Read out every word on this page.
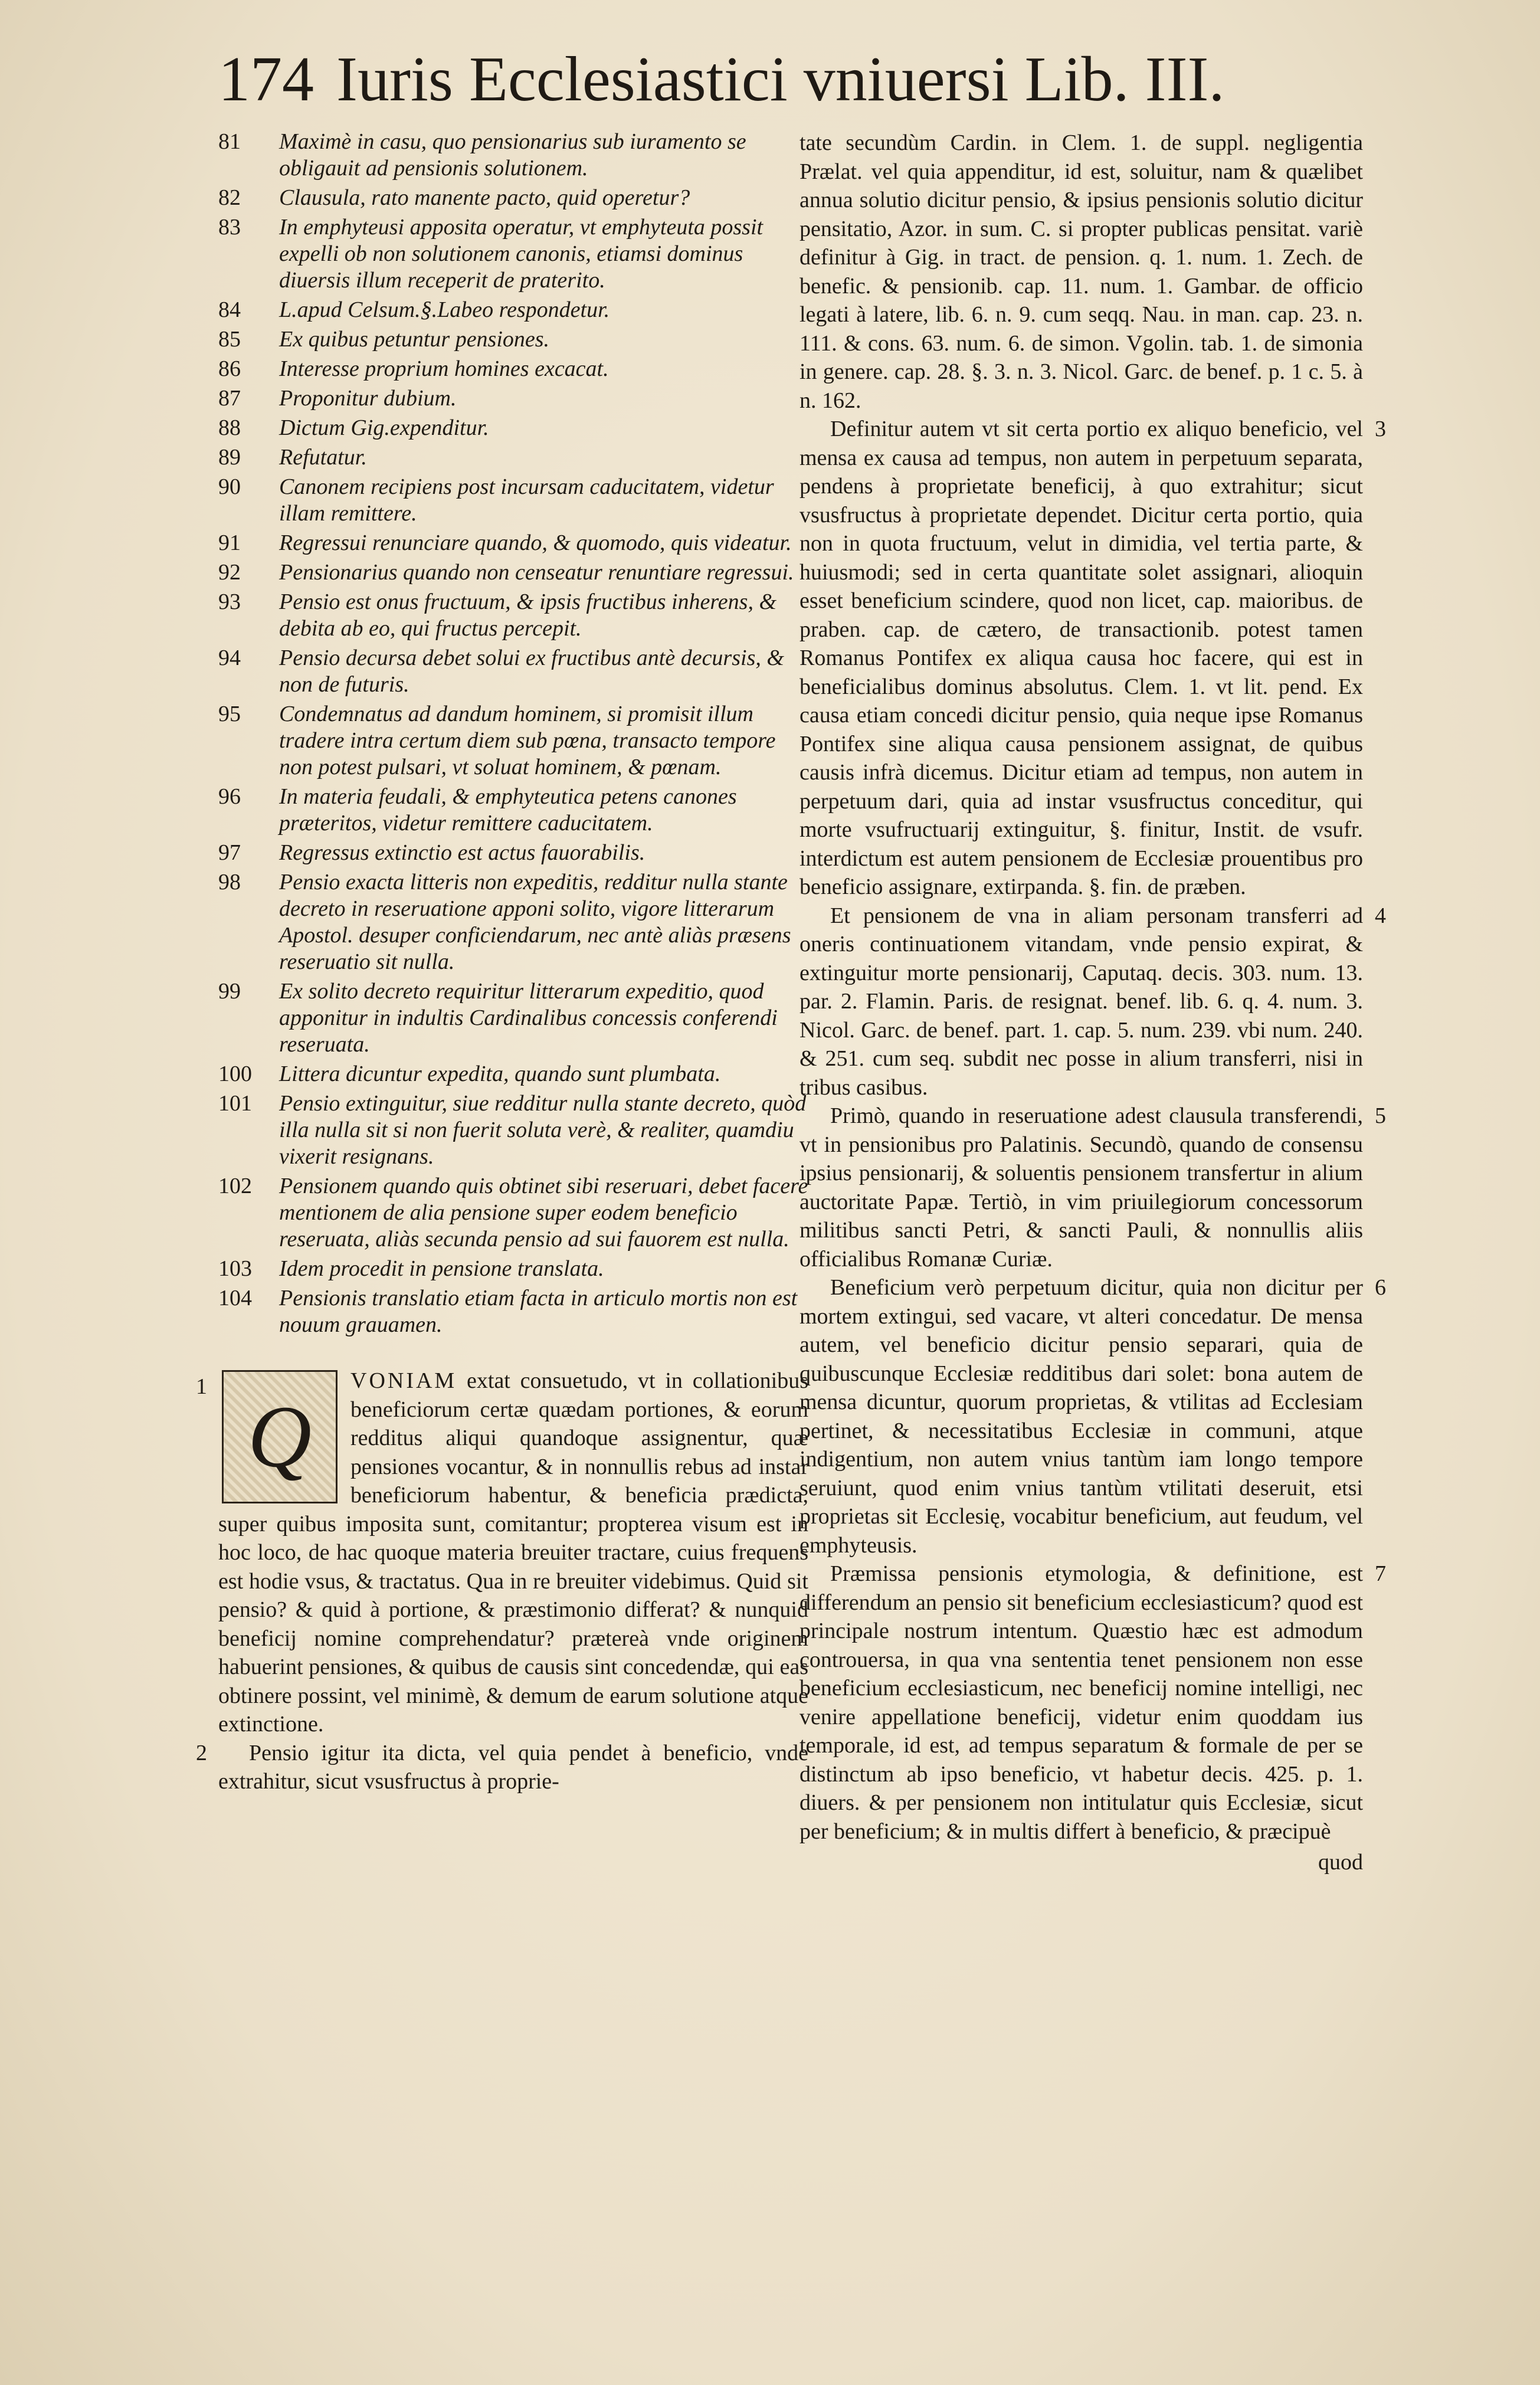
174 Iuris Ecclesiastici vniuersi Lib. III.
81	Maximè in casu, quo pensionarius sub iuramento se obligauit ad pensionis solutionem.
82	Clausula, rato manente pacto, quid operetur?
83	In emphyteusi apposita operatur, vt emphyteuta possit expelli ob non solutionem canonis, etiamsi dominus diuersis illum receperit de praterito.
84	L.apud Celsum.§.Labeo respondetur.
85	Ex quibus petuntur pensiones.
86	Interesse proprium homines excacat.
87	Proponitur dubium.
88	Dictum Gig.expenditur.
89	Refutatur.
90	Canonem recipiens post incursam caducitatem, videtur illam remittere.
91	Regressui renunciare quando, & quomodo, quis videatur.
92	Pensionarius quando non censeatur renuntiare regressui.
93	Pensio est onus fructuum, & ipsis fructibus inherens, & debita ab eo, qui fructus percepit.
94	Pensio decursa debet solui ex fructibus antè decursis, & non de futuris.
95	Condemnatus ad dandum hominem, si promisit illum tradere intra certum diem sub pœna, transacto tempore non potest pulsari, vt soluat hominem, & pœnam.
96	In materia feudali, & emphyteutica petens canones præteritos, videtur remittere caducitatem.
97	Regressus extinctio est actus fauorabilis.
98	Pensio exacta litteris non expeditis, redditur nulla stante decreto in reseruatione apponi solito, vigore litterarum Apostol. desuper conficiendarum, nec antè aliàs præsens reseruatio sit nulla.
99	Ex solito decreto requiritur litterarum expeditio, quod apponitur in indultis Cardinalibus concessis conferendi reseruata.
100	Littera dicuntur expedita, quando sunt plumbata.
101	Pensio extinguitur, siue redditur nulla stante decreto, quòd illa nulla sit si non fuerit soluta verè, & realiter, quamdiu vixerit resignans.
102	Pensionem quando quis obtinet sibi reseruari, debet facere mentionem de alia pensione super eodem beneficio reseruata, aliàs secunda pensio ad sui fauorem est nulla.
103	Idem procedit in pensione translata.
104	Pensionis translatio etiam facta in articulo mortis non est nouum grauamen.
1
Q

VONIAM extat consuetudo, vt in collationibus beneficiorum certæ quædam portiones, & eorum redditus aliqui quandoque assignentur, quæ pensiones vocantur, & in nonnullis rebus ad instar beneficiorum habentur, & beneficia prædicta, super quibus imposita sunt, comitantur; propterea visum est in hoc loco, de hac quoque materia breuiter tractare, cuius frequens est hodie vsus, & tractatus. Qua in re breuiter videbimus. Quid sit pensio? & quid à portione, & præstimonio differat? & nunquid beneficij nomine comprehendatur? prætereà vnde originem habuerint pensiones, & quibus de causis sint concedendæ, qui eas obtinere possint, vel minimè, & demum de earum solutione atque extinctione.

2	Pensio igitur ita dicta, vel quia pendet à beneficio, vnde extrahitur, sicut vsusfructus à proprie-

tate secundùm Cardin. in Clem. 1. de suppl. negligentia Prælat. vel quia appenditur, id est, soluitur, nam & quælibet annua solutio dicitur pensio, & ipsius pensionis solutio dicitur pensitatio, Azor. in sum. C. si propter publicas pensitat. variè definitur à Gig. in tract. de pension. q. 1. num. 1. Zech. de benefic. & pensionib. cap. 11. num. 1. Gambar. de officio legati à latere, lib. 6. n. 9. cum seqq. Nau. in man. cap. 23. n. 111. & cons. 63. num. 6. de simon. Vgolin. tab. 1. de simonia in genere. cap. 28. §. 3. n. 3. Nicol. Garc. de benef. p. 1 c. 5. à n. 162.

Definitur autem vt sit certa portio ex aliquo beneficio, vel mensa ex causa ad tempus, non autem in perpetuum separata, pendens à proprietate beneficij, à quo extrahitur; sicut vsusfructus à proprietate dependet. Dicitur certa portio, quia non in quota fructuum, velut in dimidia, vel tertia parte, & huiusmodi; sed in certa quantitate solet assignari, alioquin esset beneficium scindere, quod non licet, cap. maioribus. de praben. cap. de cætero, de transactionib. potest tamen Romanus Pontifex ex aliqua causa hoc facere, qui est in beneficialibus dominus absolutus. Clem. 1. vt lit. pend. Ex causa etiam concedi dicitur pensio, quia neque ipse Romanus Pontifex sine aliqua causa pensionem assignat, de quibus causis infrà dicemus. Dicitur etiam ad tempus, non autem in perpetuum dari, quia ad instar vsusfructus conceditur, qui morte vsufructuarij extinguitur, §. finitur, Instit. de vsufr. interdictum est autem pensionem de Ecclesiæ prouentibus pro beneficio assignare, extirpanda. §. fin. de præben.

3

Et pensionem de vna in aliam personam transferri ad oneris continuationem vitandam, vnde pensio expirat, & extinguitur morte pensionarij, Caputaq. decis. 303. num. 13. par. 2. Flamin. Paris. de resignat. benef. lib. 6. q. 4. num. 3. Nicol. Garc. de benef. part. 1. cap. 5. num. 239. vbi num. 240. & 251. cum seq. subdit nec posse in alium transferri, nisi in tribus casibus.

4

Primò, quando in reseruatione adest clausula transferendi, vt in pensionibus pro Palatinis. Secundò, quando de consensu ipsius pensionarij, & soluentis pensionem transfertur in alium auctoritate Papæ. Tertiò, in vim priuilegiorum concessorum militibus sancti Petri, & sancti Pauli, & nonnullis aliis officialibus Romanæ Curiæ.

5

Beneficium verò perpetuum dicitur, quia non dicitur per mortem extingui, sed vacare, vt alteri concedatur. De mensa autem, vel beneficio dicitur pensio separari, quia de quibuscunque Ecclesiæ redditibus dari solet: bona autem de mensa dicuntur, quorum proprietas, & vtilitas ad Ecclesiam pertinet, & necessitatibus Ecclesiæ in communi, atque indigentium, non autem vnius tantùm iam longo tempore seruiunt, quod enim vnius tantùm vtilitati deseruit, etsi proprietas sit Ecclesię, vocabitur beneficium, aut feudum, vel emphyteusis.

6

Præmissa pensionis etymologia, & definitione, est differendum an pensio sit beneficium ecclesiasticum? quod est principale nostrum intentum. Quæstio hæc est admodum controuersa, in qua vna sententia tenet pensionem non esse beneficium ecclesiasticum, nec beneficij nomine intelligi, nec venire appellatione beneficij, videtur enim quoddam ius temporale, id est, ad tempus separatum & formale de per se distinctum ab ipso beneficio, vt habetur decis. 425. p. 1. diuers. & per pensionem non intitulatur quis Ecclesiæ, sicut per beneficium; & in multis differt à beneficio, & præcipuè

7
quod
